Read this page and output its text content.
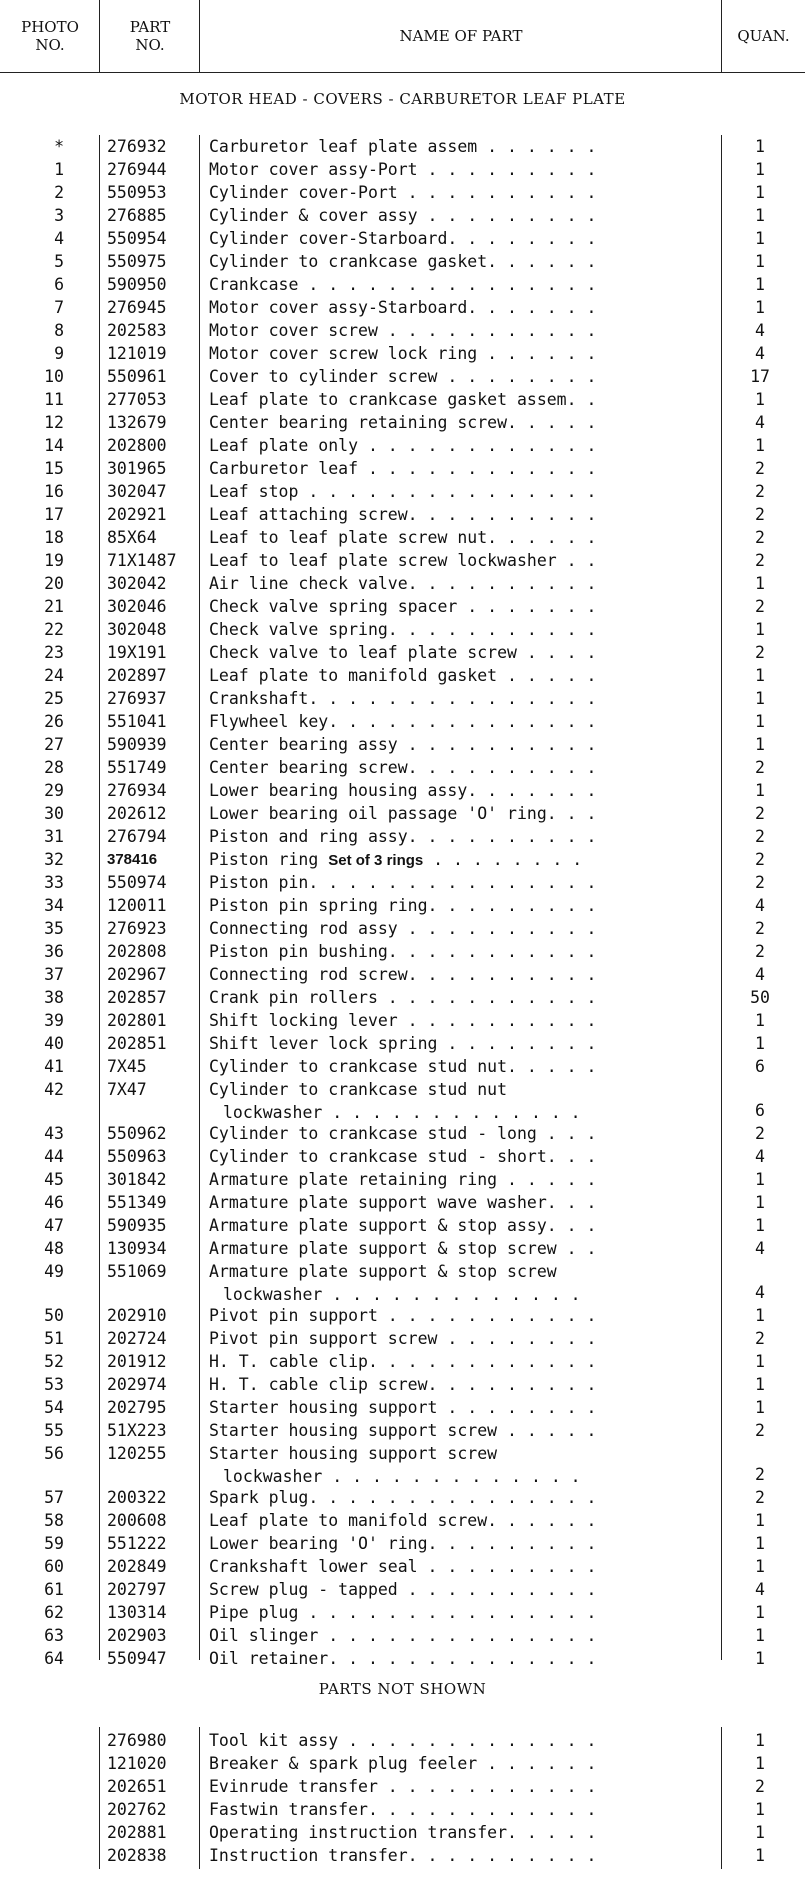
PHOTO
NO.
PART
NO.	NAME OF PART	QUAN.
MOTOR HEAD - COVERS - CARBURETOR LEAF PLATE
*	276932	Carburetor leaf plate assem . . . . . .	1
1	276944	Motor cover assy-Port . . . . . . . . .	1
2	550953	Cylinder cover-Port . . . . . . . . . .	1
3	276885	Cylinder & cover assy . . . . . . . . .	1
4	550954	Cylinder cover-Starboard. . . . . . . .	1
5	550975	Cylinder to crankcase gasket. . . . . .	1
6	590950	Crankcase . . . . . . . . . . . . . . .	1
7	276945	Motor cover assy-Starboard. . . . . . .	1
8	202583	Motor cover screw . . . . . . . . . . .	4
9	121019	Motor cover screw lock ring . . . . . .	4
10	550961	Cover to cylinder screw . . . . . . . .	17
11	277053	Leaf plate to crankcase gasket assem. .	1
12	132679	Center bearing retaining screw. . . . .	4
14	202800	Leaf plate only . . . . . . . . . . . .	1
15	301965	Carburetor leaf . . . . . . . . . . . .	2
16	302047	Leaf stop . . . . . . . . . . . . . . .	2
17	202921	Leaf attaching screw. . . . . . . . . .	2
18	85X64	Leaf to leaf plate screw nut. . . . . .	2
19	71X1487	Leaf to leaf plate screw lockwasher . .	2
20	302042	Air line check valve. . . . . . . . . .	1
21	302046	Check valve spring spacer . . . . . . .	2
22	302048	Check valve spring. . . . . . . . . . .	1
23	19X191	Check valve to leaf plate screw . . . .	2
24	202897	Leaf plate to manifold gasket . . . . .	1
25	276937	Crankshaft. . . . . . . . . . . . . . .	1
26	551041	Flywheel key. . . . . . . . . . . . . .	1
27	590939	Center bearing assy . . . . . . . . . .	1
28	551749	Center bearing screw. . . . . . . . . .	2
29	276934	Lower bearing housing assy. . . . . . .	1
30	202612	Lower bearing oil passage 'O' ring. . .	2
31	276794	Piston and ring assy. . . . . . . . . .	2
32	378416	Piston ring Set of 3 rings . . . . . . . .	2
33	550974	Piston pin. . . . . . . . . . . . . . .	2
34	120011	Piston pin spring ring. . . . . . . . .	4
35	276923	Connecting rod assy . . . . . . . . . .	2
36	202808	Piston pin bushing. . . . . . . . . . .	2
37	202967	Connecting rod screw. . . . . . . . . .	4
38	202857	Crank pin rollers . . . . . . . . . . .	50
39	202801	Shift locking lever . . . . . . . . . .	1
40	202851	Shift lever lock spring . . . . . . . .	1
41	7X45	Cylinder to crankcase stud nut. . . . .	6
42	7X47	Cylinder to crankcase stud nut
lockwasher . . . . . . . . . . . . .	6
43	550962	Cylinder to crankcase stud - long . . .	2
44	550963	Cylinder to crankcase stud - short. . .	4
45	301842	Armature plate retaining ring . . . . .	1
46	551349	Armature plate support wave washer. . .	1
47	590935	Armature plate support & stop assy. . .	1
48	130934	Armature plate support & stop screw . .	4
49	551069	Armature plate support & stop screw
lockwasher . . . . . . . . . . . . .	4
50	202910	Pivot pin support . . . . . . . . . . .	1
51	202724	Pivot pin support screw . . . . . . . .	2
52	201912	H. T. cable clip. . . . . . . . . . . .	1
53	202974	H. T. cable clip screw. . . . . . . . .	1
54	202795	Starter housing support . . . . . . . .	1
55	51X223	Starter housing support screw . . . . .	2
56	120255	Starter housing support screw
lockwasher . . . . . . . . . . . . .	2
57	200322	Spark plug. . . . . . . . . . . . . . .	2
58	200608	Leaf plate to manifold screw. . . . . .	1
59	551222	Lower bearing 'O' ring. . . . . . . . .	1
60	202849	Crankshaft lower seal . . . . . . . . .	1
61	202797	Screw plug - tapped . . . . . . . . . .	4
62	130314	Pipe plug . . . . . . . . . . . . . . .	1
63	202903	Oil slinger . . . . . . . . . . . . . .	1
64	550947	Oil retainer. . . . . . . . . . . . . .	1
PARTS NOT SHOWN
276980	Tool kit assy . . . . . . . . . . . . .	1
121020	Breaker & spark plug feeler . . . . . .	1
202651	Evinrude transfer . . . . . . . . . . .	2
202762	Fastwin transfer. . . . . . . . . . . .	1
202881	Operating instruction transfer. . . . .	1
202838	Instruction transfer. . . . . . . . . .	1
